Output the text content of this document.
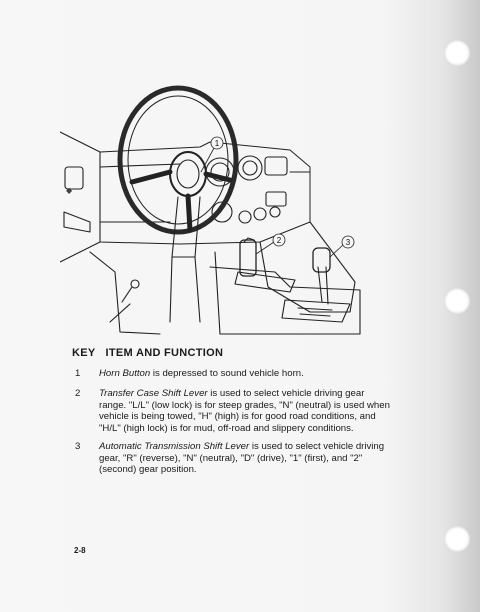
◆
1
2	3
KEY ITEM AND FUNCTION
1	Horn Button is depressed to sound vehicle horn.
2	Transfer Case Shift Lever is used to select vehicle driving gear range. "L/L" (low lock) is for steep grades, "N" (neutral) is used when vehicle is being towed, "H" (high) is for good road conditions, and "H/L" (high lock) is for mud, off-road and slippery conditions.
3	Automatic Transmission Shift Lever is used to select vehicle driving gear, "R" (reverse), "N" (neutral), "D" (drive), "1" (first), and "2" (second) gear position.
2-8
